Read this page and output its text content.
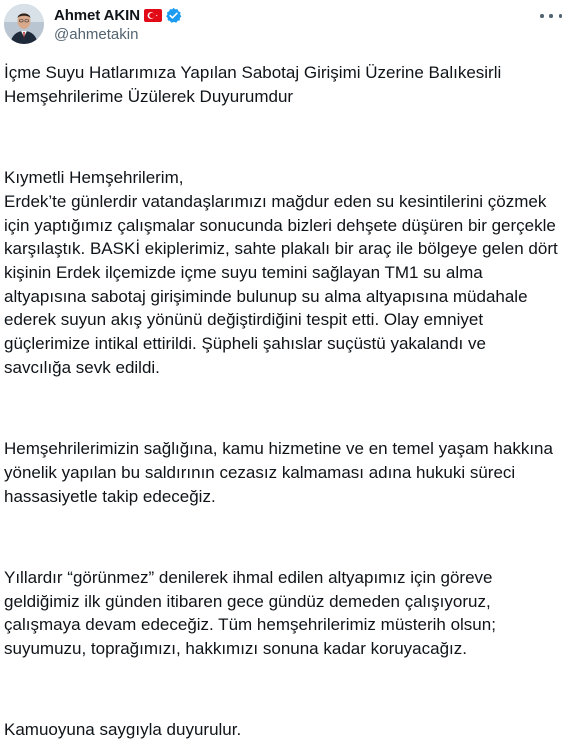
Ahmet AKIN
@ahmetakin

İçme Suyu Hatlarımıza Yapılan Sabotaj Girişimi Üzerine Balıkesirli

Hemşehrilerime Üzülerek Duyurumdur

Kıymetli Hemşehrilerim,

Erdek’te günlerdir vatandaşlarımızı mağdur eden su kesintilerini çözmek

için yaptığımız çalışmalar sonucunda bizleri dehşete düşüren bir gerçekle

karşılaştık. BASKİ ekiplerimiz, sahte plakalı bir araç ile bölgeye gelen dört

kişinin Erdek ilçemizde içme suyu temini sağlayan TM1 su alma

altyapısına sabotaj girişiminde bulunup su alma altyapısına müdahale

ederek suyun akış yönünü değiştirdiğini tespit etti. Olay emniyet

güçlerimize intikal ettirildi. Şüpheli şahıslar suçüstü yakalandı ve

savcılığa sevk edildi.

Hemşehrilerimizin sağlığına, kamu hizmetine ve en temel yaşam hakkına

yönelik yapılan bu saldırının cezasız kalmaması adına hukuki süreci

hassasiyetle takip edeceğiz.

Yıllardır “görünmez” denilerek ihmal edilen altyapımız için göreve

geldiğimiz ilk günden itibaren gece gündüz demeden çalışıyoruz,

çalışmaya devam edeceğiz. Tüm hemşehrilerimiz müsterih olsun;

suyumuzu, toprağımızı, hakkımızı sonuna kadar koruyacağız.

Kamuoyuna saygıyla duyurulur.
